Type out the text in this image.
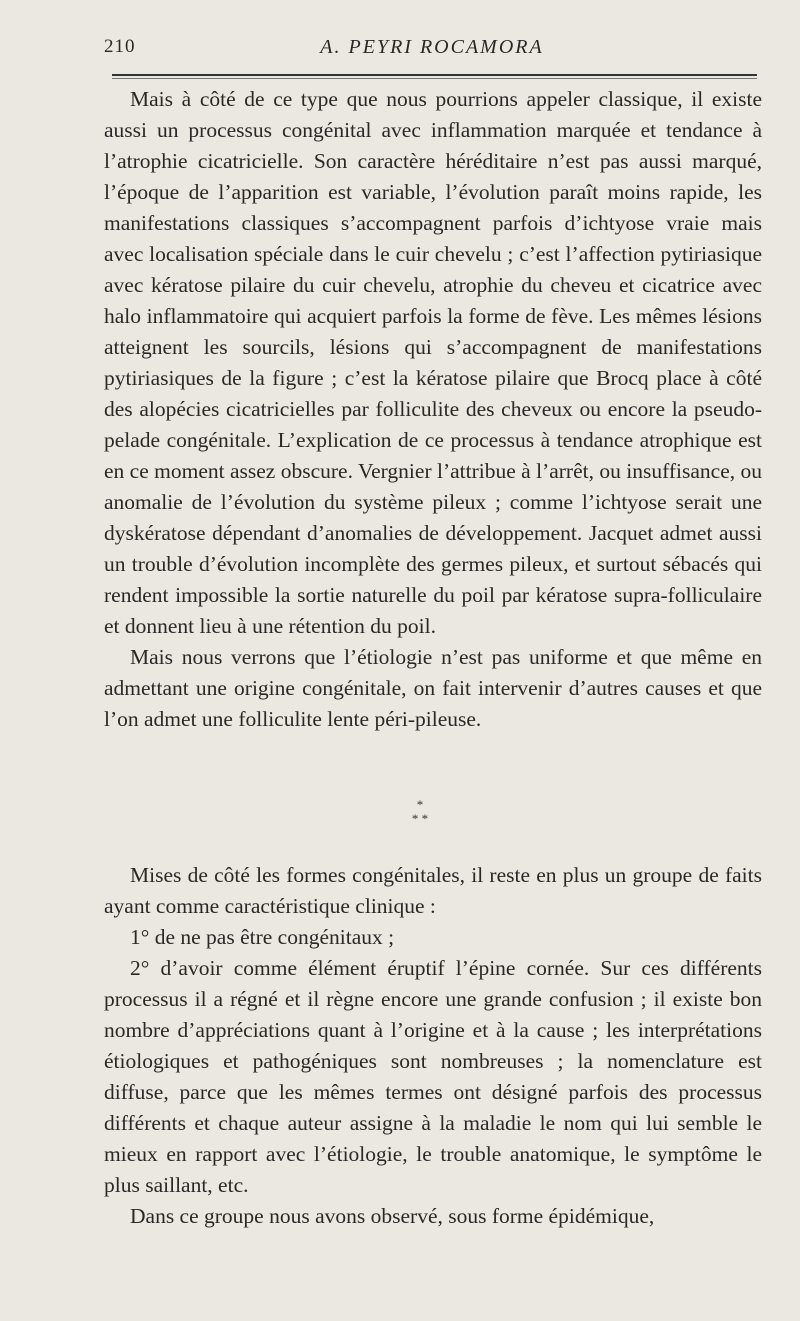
210	A. PEYRI ROCAMORA

Mais à côté de ce type que nous pourrions appeler classique, il existe aussi un processus congénital avec inflammation marquée et tendance à l’atrophie cicatricielle. Son caractère héréditaire n’est pas aussi marqué, l’époque de l’apparition est variable, l’évolution paraît moins rapide, les manifestations classiques s’accompagnent parfois d’ichtyose vraie mais avec localisation spéciale dans le cuir chevelu ; c’est l’affection pytiriasique avec kératose pilaire du cuir chevelu, atrophie du cheveu et cicatrice avec halo inflammatoire qui acquiert parfois la forme de fève. Les mêmes lésions atteignent les sourcils, lésions qui s’accompagnent de manifestations pytiriasiques de la figure ; c’est la kératose pilaire que Brocq place à côté des alopécies cicatricielles par folliculite des cheveux ou encore la pseudo-pelade congénitale. L’explication de ce processus à tendance atrophique est en ce moment assez obscure. Vergnier l’attribue à l’arrêt, ou insuffisance, ou anomalie de l’évolution du système pileux ; comme l’ichtyose serait une dyskératose dépendant d’anomalies de développement. Jacquet admet aussi un trouble d’évolution incomplète des germes pileux, et surtout sébacés qui rendent impossible la sortie naturelle du poil par kératose supra-folliculaire et donnent lieu à une rétention du poil.

Mais nous verrons que l’étiologie n’est pas uniforme et que même en admettant une origine congénitale, on fait intervenir d’autres causes et que l’on admet une folliculite lente péri-pileuse.

*
* *

Mises de côté les formes congénitales, il reste en plus un groupe de faits ayant comme caractéristique clinique :

1° de ne pas être congénitaux ;

2° d’avoir comme élément éruptif l’épine cornée. Sur ces différents processus il a régné et il règne encore une grande confusion ; il existe bon nombre d’appréciations quant à l’origine et à la cause ; les interprétations étiologiques et pathogéniques sont nombreuses ; la nomenclature est diffuse, parce que les mêmes termes ont désigné parfois des processus différents et chaque auteur assigne à la maladie le nom qui lui semble le mieux en rapport avec l’étiologie, le trouble anatomique, le symptôme le plus saillant, etc.

Dans ce groupe nous avons observé, sous forme épidémique,
